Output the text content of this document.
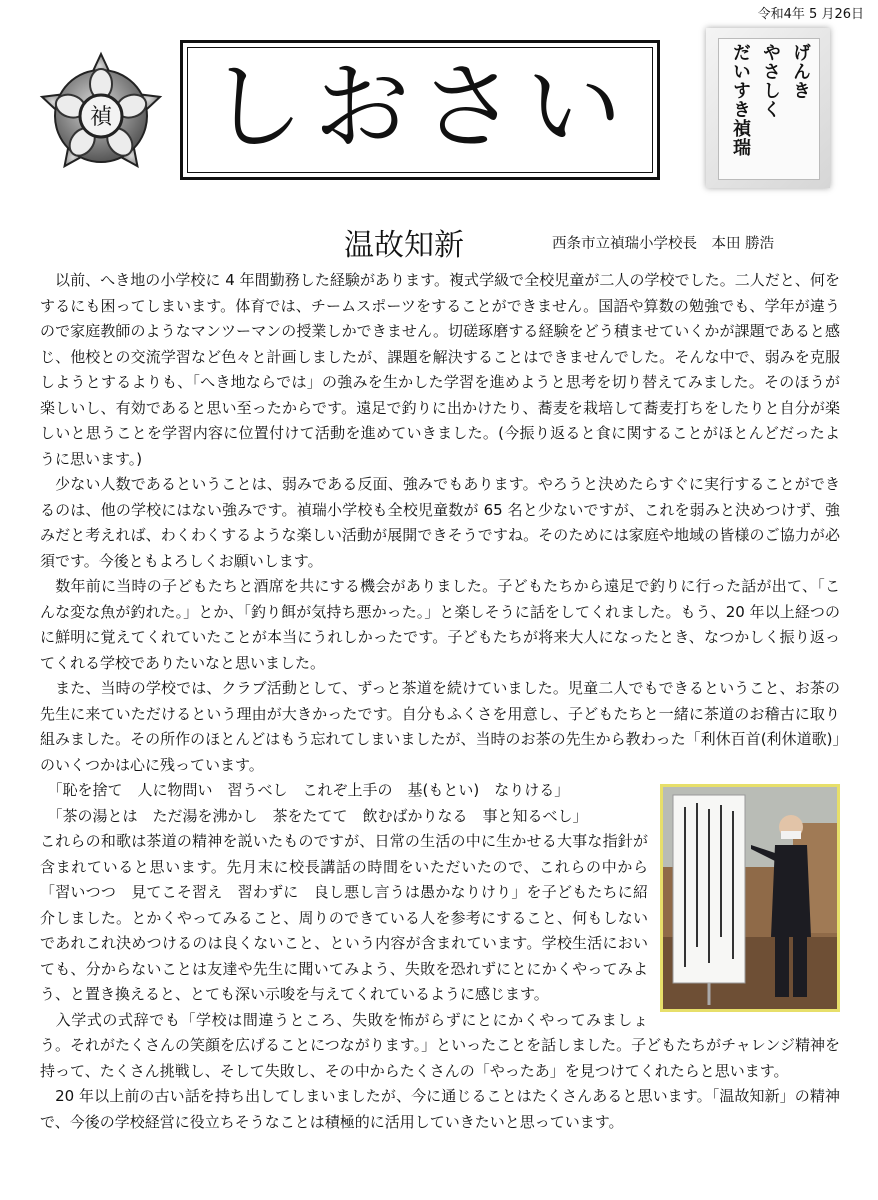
令和4年 5 月26日
禎 しおさい	げんき
やさしく
だいすき禎瑞
温故知新	西条市立禎瑞小学校長　本田 勝浩

　以前、へき地の小学校に 4 年間勤務した経験があります。複式学級で全校児童が二人の学校でした。二人だと、何をするにも困ってしまいます。体育では、チームスポーツをすることができません。国語や算数の勉強でも、学年が違うので家庭教師のようなマンツーマンの授業しかできません。切磋琢磨する経験をどう積ませていくかが課題であると感じ、他校との交流学習など色々と計画しましたが、課題を解決することはできませんでした。そんな中で、弱みを克服しようとするよりも、「へき地ならでは」の強みを生かした学習を進めようと思考を切り替えてみました。そのほうが楽しいし、有効であると思い至ったからです。遠足で釣りに出かけたり、蕎麦を栽培して蕎麦打ちをしたりと自分が楽しいと思うことを学習内容に位置付けて活動を進めていきました。(今振り返ると食に関することがほとんどだったように思います。)

　少ない人数であるということは、弱みである反面、強みでもあります。やろうと決めたらすぐに実行することができるのは、他の学校にはない強みです。禎瑞小学校も全校児童数が 65 名と少ないですが、これを弱みと決めつけず、強みだと考えれば、わくわくするような楽しい活動が展開できそうですね。そのためには家庭や地域の皆様のご協力が必須です。今後ともよろしくお願いします。

　数年前に当時の子どもたちと酒席を共にする機会がありました。子どもたちから遠足で釣りに行った話が出て、「こんな変な魚が釣れた。」とか、「釣り餌が気持ち悪かった。」と楽しそうに話をしてくれました。もう、20 年以上経つのに鮮明に覚えてくれていたことが本当にうれしかったです。子どもたちが将来大人になったとき、なつかしく振り返ってくれる学校でありたいなと思いました。

　また、当時の学校では、クラブ活動として、ずっと茶道を続けていました。児童二人でもできるということ、お茶の先生に来ていただけるという理由が大きかったです。自分もふくさを用意し、子どもたちと一緒に茶道のお稽古に取り組みました。その所作のほとんどはもう忘れてしまいましたが、当時のお茶の先生から教わった「利休百首(利休道歌)」のいくつかは心に残っています。

　「恥を捨て　人に物問い　習うべし　これぞ上手の　基(もとい)　なりける」

　「茶の湯とは　ただ湯を沸かし　茶をたてて　飲むばかりなる　事と知るべし」

これらの和歌は茶道の精神を説いたものですが、日常の生活の中に生かせる大事な指針が含まれていると思います。先月末に校長講話の時間をいただいたので、これらの中から「習いつつ　見てこそ習え　習わずに　良し悪し言うは愚かなりけり」を子どもたちに紹介しました。とかくやってみること、周りのできている人を参考にすること、何もしないであれこれ決めつけるのは良くないこと、という内容が含まれています。学校生活においても、分からないことは友達や先生に聞いてみよう、失敗を恐れずにとにかくやってみよう、と置き換えると、とても深い示唆を与えてくれているように感じます。

　入学式の式辞でも「学校は間違うところ、失敗を怖がらずにとにかくやってみましょう。それがたくさんの笑顔を広げることにつながります。」といったことを話しました。子どもたちがチャレンジ精神を持って、たくさん挑戦し、そして失敗し、その中からたくさんの「やったあ」を見つけてくれたらと思います。

　20 年以上前の古い話を持ち出してしまいましたが、今に通じることはたくさんあると思います。「温故知新」の精神で、今後の学校経営に役立ちそうなことは積極的に活用していきたいと思っています。
